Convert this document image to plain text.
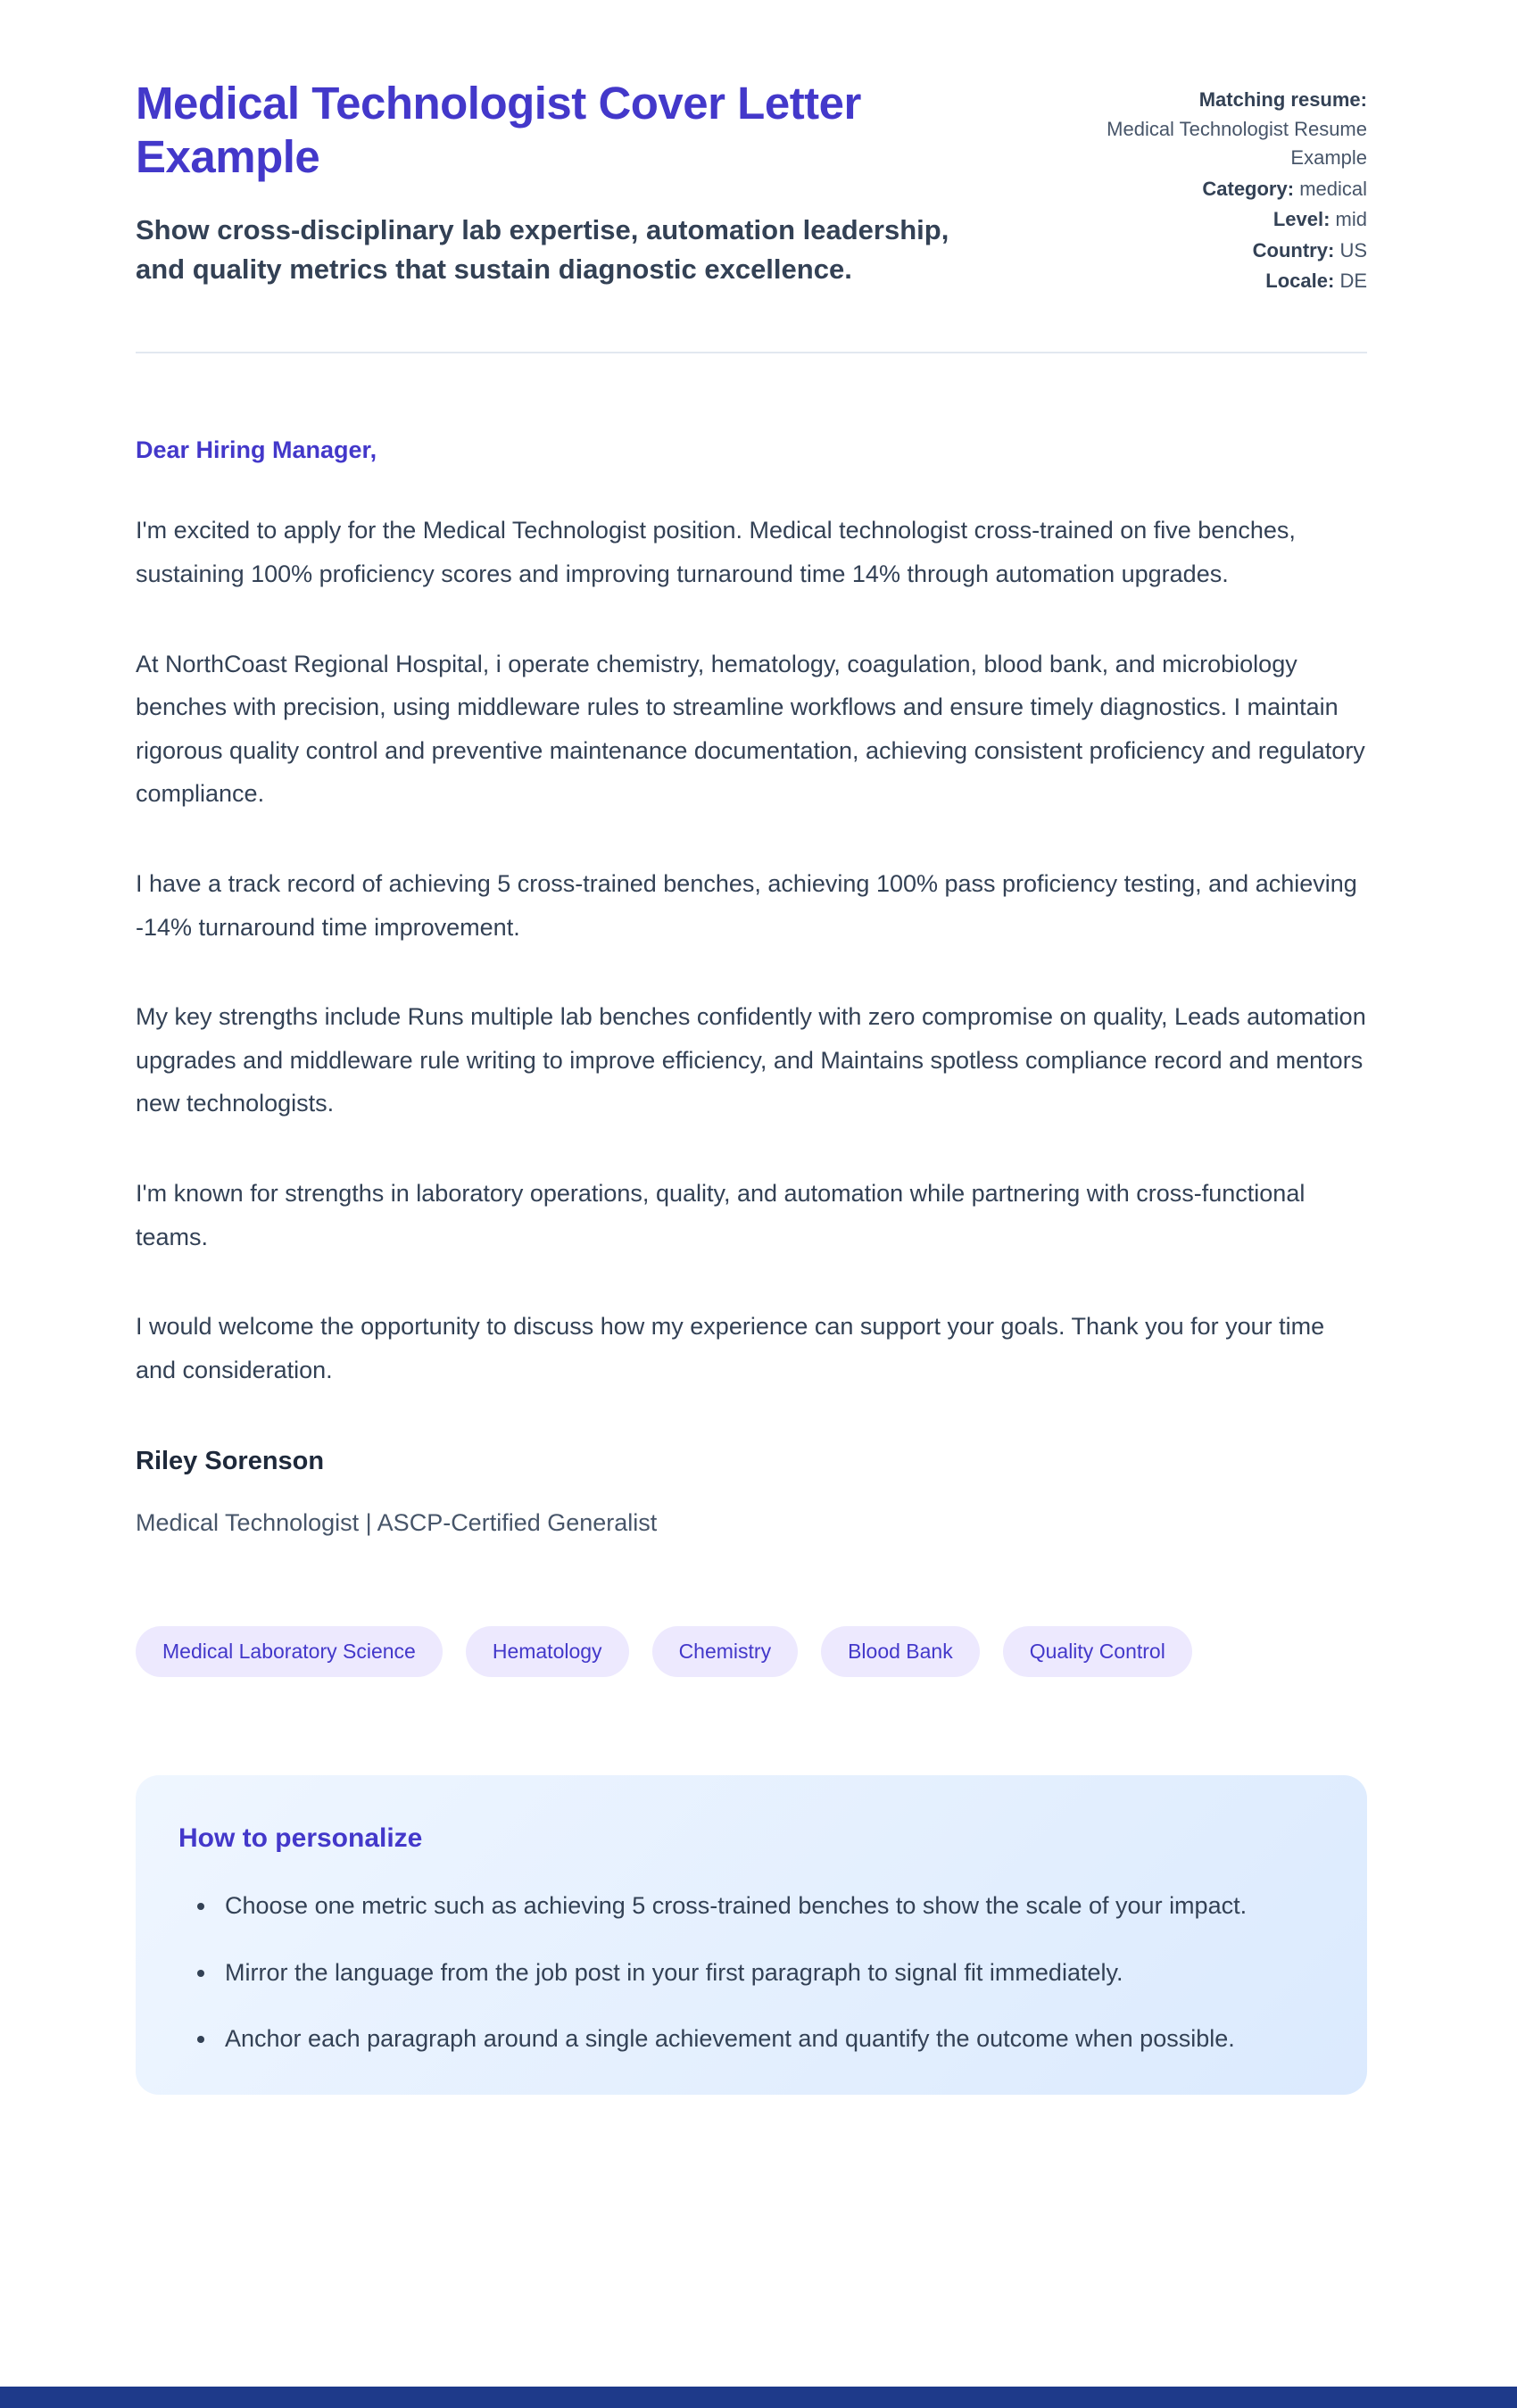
Medical Technologist Cover Letter Example

Show cross-disciplinary lab expertise, automation leadership, and quality metrics that sustain diagnostic excellence.

Matching resume:
Medical Technologist Resume Example
Category: medical
Level: mid
Country: US
Locale: DE

Dear Hiring Manager,

I'm excited to apply for the Medical Technologist position. Medical technologist cross-trained on five benches, sustaining 100% proficiency scores and improving turnaround time 14% through automation upgrades.

At NorthCoast Regional Hospital, i operate chemistry, hematology, coagulation, blood bank, and microbiology benches with precision, using middleware rules to streamline workflows and ensure timely diagnostics. I maintain rigorous quality control and preventive maintenance documentation, achieving consistent proficiency and regulatory compliance.

I have a track record of achieving 5 cross-trained benches, achieving 100% pass proficiency testing, and achieving -14% turnaround time improvement.

My key strengths include Runs multiple lab benches confidently with zero compromise on quality, Leads automation upgrades and middleware rule writing to improve efficiency, and Maintains spotless compliance record and mentors new technologists.

I'm known for strengths in laboratory operations, quality, and automation while partnering with cross-functional teams.

I would welcome the opportunity to discuss how my experience can support your goals. Thank you for your time and consideration.

Riley Sorenson

Medical Technologist | ASCP-Certified Generalist

Medical Laboratory Science	Hematology	Chemistry	Blood Bank	Quality Control
How to personalize
• Choose one metric such as achieving 5 cross-trained benches to show the scale of your impact.
• Mirror the language from the job post in your first paragraph to signal fit immediately.
• Anchor each paragraph around a single achievement and quantify the outcome when possible.
